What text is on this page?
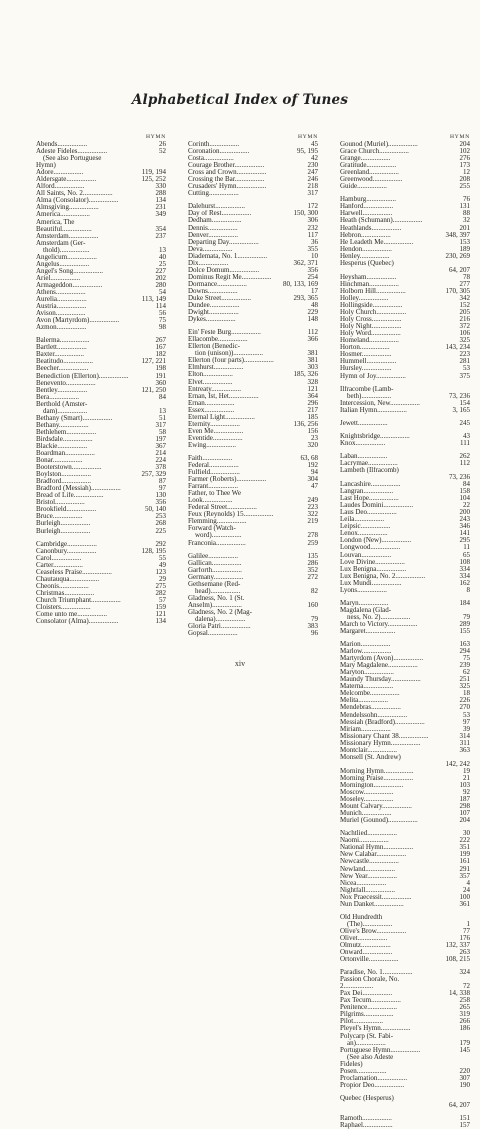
Alphabetical Index of Tunes
HYMN
Abends.................	26
Adeste Fideles.................	52
(See also Portuguese
Hymn)
Adore.................	119, 194
Aldersgate.................	125, 252
Alford.................	330
All Saints, No. 2.................	288
Alma (Consolator).................	134
Almsgiving.................	231
America.................	349
America, The
Beautiful.................	354
Amsterdam.................	237
Amsterdam (Ger-
thold).................	13
Angelicum.................	40
Angelus.................	25
Angel's Song.................	227
Ariel.................	202
Armageddon.................	280
Athens.................	54
Aurelia.................	113, 149
Austria.................	114
Avison.................	56
Avon (Martyrdom).................	75
Azmon.................	98
Balerma.................	267
Bartlett.................	167
Baxter.................	182
Beatitudo.................	127, 221
Beecher.................	198
Benediction (Ellerton).................	191
Benevento.................	360
Bentley.................	121, 250
Bera.................	84
Berthold (Amster-
dam).................	13
Bethany (Smart).................	51
Bethany.................	317
Bethlehem.................	58
Birdsdale.................	197
Blackie.................	367
Boardman.................	214
Bonar.................	224
Booterstown.................	378
Boylston.................	257, 329
Bradford.................	87
Bradford (Messiah).................	97
Bread of Life.................	130
Bristol.................	356
Brookfield.................	50, 140
Bruce.................	253
Burleigh.................	268
Burleigh.................	225
Cambridge.................	292
Canonbury.................	128, 195
Carol.................	55
Carter.................	49
Ceaseless Praise.................	123
Chautauqua.................	29
Cheonis.................	275
Christmas.................	282
Church Triumphant.................	57
Cloisters.................	159
Come unto me.................	121
Consolator (Alma).................	134
HYMN
Corinth.................	45
Coronation.................	95, 195
Costa.................	42
Courage Brother.................	230
Cross and Crown.................	247
Crossing the Bar.................	246
Crusaders' Hymn.................	218
Cutting.................	317
Dalehurst.................	172
Day of Rest.................	150, 300
Dedham.................	306
Dennis.................	232
Denver.................	117
Departing Day.................	36
Deva.................	355
Diademata, No. 1.................	10
Dix.................	362, 371
Dolce Domum.................	356
Dominus Regit Me.................	254
Dormance.................	80, 133, 169
Downs.................	17
Duke Street.................	293, 365
Dundee.................	48
Dwight.................	229
Dykes.................	148
Ein' Feste Burg.................	112
Ellacombe.................	366
Ellerton (Benedic-
tion (unison)).................	381
Ellerton (four parts).................	381
Elmhurst.................	303
Elton.................	185, 326
Elvet.................	328
Entreaty.................	121
Ernan, Ist, Het.................	364
Ernan.................	296
Essex.................	217
Eternal Light.................	185
Eternity.................	136, 256
Even Me.................	156
Eventide.................	23
Ewing.................	320
Faith.................	63, 68
Federal.................	192
Fulfield.................	94
Farmer (Roberts).................	304
Farrant.................	47
Father, to Thee We
Look.................	249
Federal Street.................	223
Feux (Reynolds) 15.................	322
Flemming.................	219
Forward (Watch-
word).................	278
Franconia.................	259
Galilee.................	135
Gallican.................	286
Garforth.................	352
Germany.................	272
Gethsemane (Red-
head).................	82
Gladness, No. 1 (St.
Anselm).................	160
Gladness, No. 2 (Mag-
dalena).................	79
Gloria Patri.................	383
Gopsal.................	96
HYMN
Gounod (Muriel).................	204
Grace Church.................	102
Grange.................	276
Gratitude.................	173
Greenland.................	12
Greenwood.................	208
Guide.................	255
Hamburg.................	76
Hanford.................	131
Harwell.................	88
Heath (Schumann).................	32
Heathlands.................	201
Hebron.................	348, 397
He Leadeth Me.................	153
Hendon.................	189
Henley.................	230, 269
Hesperus (Quebec)
64, 207
Heysham.................	78
Hinchman.................	277
Holborn Hill.................	170, 305
Holley.................	342
Hollingside.................	152
Holy Church.................	205
Holy Cross.................	216
Holy Night.................	372
Holy Word.................	106
Homeland.................	325
Horton.................	143, 234
Hosmer.................	223
Hummell.................	281
Hursley.................	53
Hymn of Joy.................	375
Ilfracombe (Lamb-
beth).................	73, 236
Intercession, New.................	154
Italian Hymn.................	3, 165
Jewett.................	245
Knightsbridge.................	43
Knox.................	111
Laban.................	262
Lacrymae.................	112
Lambeth (Ilfracomb)
73, 236
Lancashire.................	84
Langran.................	158
Last Hope.................	104
Laudes Domini.................	22
Laus Deo.................	200
Leila.................	243
Leipsic.................	346
Lenox.................	141
London (New).................	295
Longwood.................	11
Louvan.................	65
Love Divine.................	108
Lux Benigna.................	334
Lux Benigna, No. 2.................	334
Lux Mundi.................	162
Lyons.................	8
Maryn.................	184
Magdalena (Glad-
ness, No. 2).................	79
March to Victory.................	289
Margaret.................	155
Marion.................	163
Marlow.................	294
Martyrdom (Avon).................	75
Mary Magdalene.................	239
Maryton.................	62
Maundy Thursday.................	251
Materna.................	325
Melcombe.................	18
Melita.................	226
Mendebras.................	270
Mendelssohn.................	53
Messiah (Bradford).................	97
Miriam.................	39
Missionary Chant 38.................	314
Missionary Hymn.................	311
Montclair.................	363
Monsell (St. Andrew)
142, 242
Morning Hymn.................	19
Morning Praise.................	21
Mornington.................	103
Moscow.................	92
Moseley.................	187
Mount Calvary.................	298
Munich.................	107
Muriel (Gounod).................	204
Nachtlied.................	30
Naomi.................	222
National Hymn.................	351
New Calabar.................	199
Newcastle.................	161
Newland.................	291
New Year.................	357
Nicea.................	4
Nightfall.................	24
Nox Praecessit.................	100
Nun Danket.................	361
Old Hundredth
(The).................	1
Olive's Brow.................	77
Olivet.................	176
Olmutz.................	132, 337
Onward.................	263
Ortonville.................	108, 215
Paradise, No. 1.................	324
Passion Chorale, No.
2.................	72
Pax Dei.................	14, 338
Pax Tecum.................	258
Penitence.................	265
Pilgrims.................	319
Pilot.................	266
Pleyel's Hymn.................	186
Polycarp (St. Fabi-
an).................	179
Portuguese Hymn.................	145
(See also Adeste
Fideles)
Posen.................	220
Proclamation.................	307
Propior Deo.................	190
Quebec (Hesperus)
64, 207
Ramoth.................	151
Raphael.................	157
xiv
